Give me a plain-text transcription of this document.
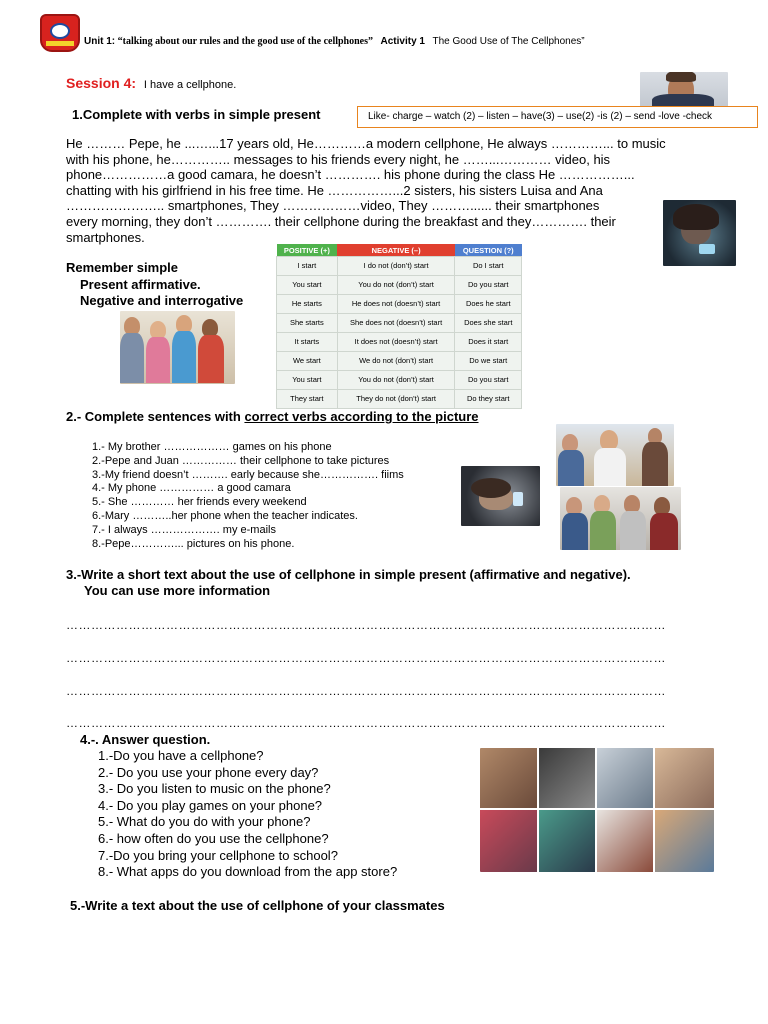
Unit 1: “talking about our rules and the good use of the cellphones” Activity 1 The Good Use of The Cellphones”
Session 4: I have a cellphone.
1.Complete with verbs in simple present	Like- charge – watch (2) – listen – have(3) – use(2) -is (2) – send -love -check
He ……… Pepe, he ...…...17 years old, He…………a modern cellphone, He always …………... to music
with his phone, he………….. messages to his friends every night, he ……...………… video, his
phone……………a good camara, he doesn’t …………. his phone during the class He ……………...
chatting with his girlfriend in his free time. He ……………...2 sisters, his sisters Luisa and Ana
………………….. smartphones, They ………………video, They ………...... their smartphones
every morning, they don’t …………. their cellphone during the breakfast and they…………. their
smartphones.
Remember simple
Present affirmative.
Negative and interrogative
POSITIVE (+)	NEGATIVE (–)	QUESTION (?)
I start	I do not (don’t) start	Do I start
You start	You do not (don’t) start	Do you start
He starts	He does not (doesn’t) start	Does he start
She starts	She does not (doesn’t) start	Does she start
It starts	It does not (doesn’t) start	Does it start
We start	We do not (don’t) start	Do we start
You start	You do not (don’t) start	Do you start
They start	They do not (don’t) start	Do they start
2.- Complete sentences with correct verbs according to the picture
1.- My brother ……………… games on his phone
2.-Pepe and Juan …………… their cellphone to take pictures
3.-My friend doesn’t ………. early because she……………. fiims
4.- My phone …………… a good camara
5.- She ………… her friends every weekend
6.-Mary ………..her phone when the teacher indicates.
7.- I always ………………. my e-mails
8.-Pepe…………... pictures on his phone.
3.-Write a short text about the use of cellphone in simple present (affirmative and negative).
You can use more information
………………………………………………………………………………………………………………………………
………………………………………………………………………………………………………………………………
………………………………………………………………………………………………………………………………
………………………………………………………………………………………………………………………………
4.-. Answer question.
1.-Do you have a cellphone?
2.- Do you use your phone every day?
3.- Do you listen to music on the phone?
4.- Do you play games on your phone?
5.- What do you do with your phone?
6.- how often do you use the cellphone?
7.-Do you bring your cellphone to school?
8.- What apps do you download from the app store?
5.-Write a text about the use of cellphone of your classmates
